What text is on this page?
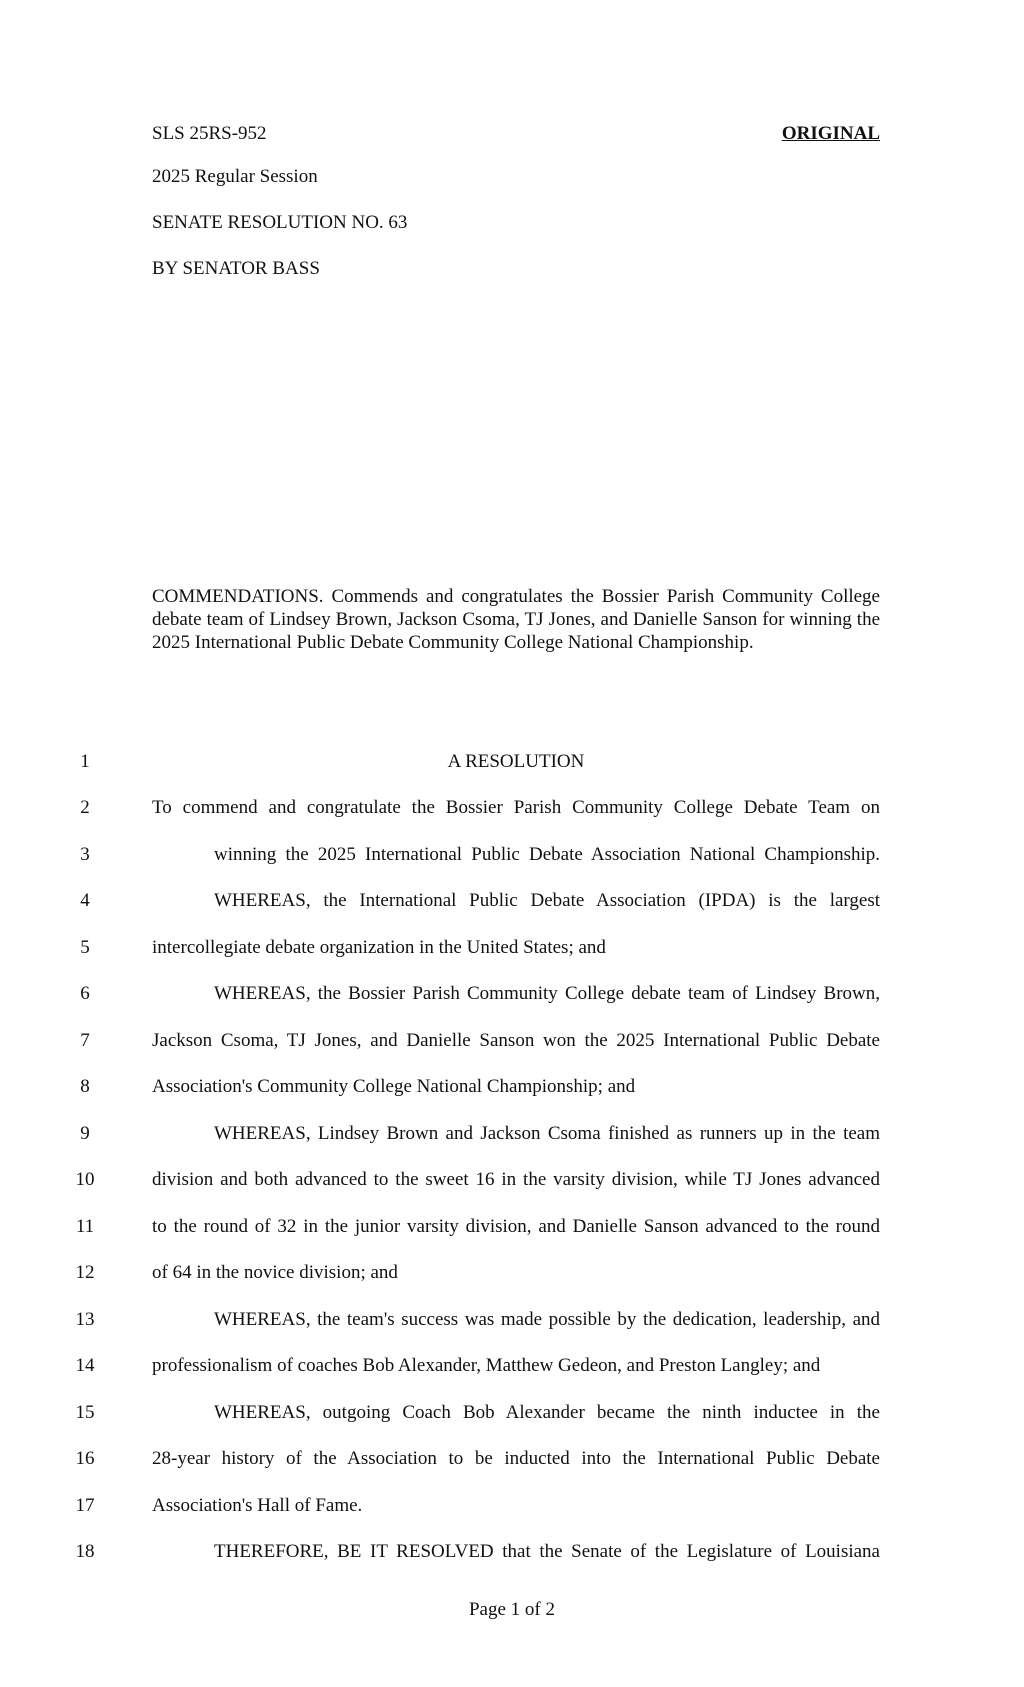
SLS 25RS-952	ORIGINAL
2025 Regular Session
SENATE RESOLUTION NO. 63
BY SENATOR BASS
COMMENDATIONS. Commends and congratulates the Bossier Parish Community College debate team of Lindsey Brown, Jackson Csoma, TJ Jones, and Danielle Sanson for winning the 2025 International Public Debate Community College National Championship.
1	A RESOLUTION
2	To commend and congratulate the Bossier Parish Community College Debate Team on
3	winning the 2025 International Public Debate Association National Championship.
4	WHEREAS, the International Public Debate Association (IPDA) is the largest
5	intercollegiate debate organization in the United States; and
6	WHEREAS, the Bossier Parish Community College debate team of Lindsey Brown,
7	Jackson Csoma, TJ Jones, and Danielle Sanson won the 2025 International Public Debate
8	Association's Community College National Championship; and
9	WHEREAS, Lindsey Brown and Jackson Csoma finished as runners up in the team
10	division and both advanced to the sweet 16 in the varsity division, while TJ Jones advanced
11	to the round of 32 in the junior varsity division, and Danielle Sanson advanced to the round
12	of 64 in the novice division; and
13	WHEREAS, the team's success was made possible by the dedication, leadership, and
14	professionalism of coaches Bob Alexander, Matthew Gedeon, and Preston Langley; and
15	WHEREAS, outgoing Coach Bob Alexander became the ninth inductee in the
16	28-year history of the Association to be inducted into the International Public Debate
17	Association's Hall of Fame.
18	THEREFORE, BE IT RESOLVED that the Senate of the Legislature of Louisiana
Page 1 of 2
